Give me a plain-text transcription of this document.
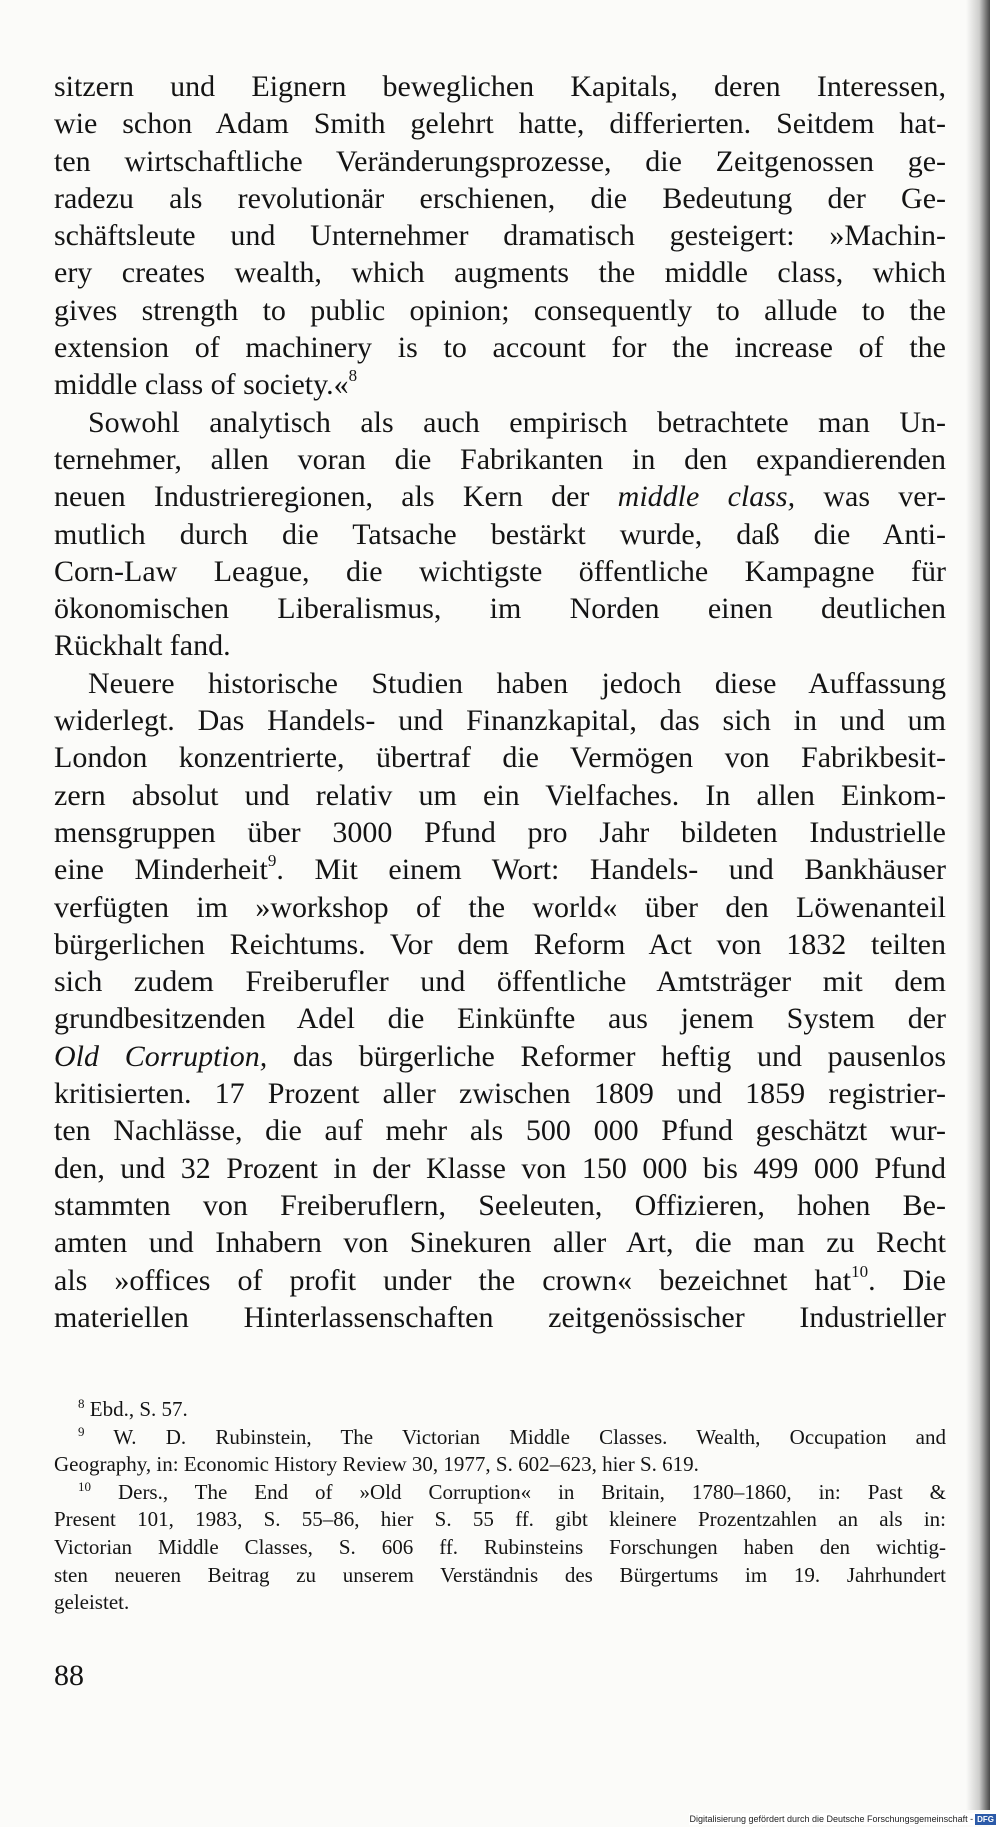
sitzern und Eignern beweglichen Kapitals, deren Interessen,
wie schon Adam Smith gelehrt hatte, differierten. Seitdem hat-
ten wirtschaftliche Veränderungsprozesse, die Zeitgenossen ge-
radezu als revolutionär erschienen, die Bedeutung der Ge-
schäftsleute und Unternehmer dramatisch gesteigert: »Machin-
ery creates wealth, which augments the middle class, which
gives strength to public opinion; consequently to allude to the
extension of machinery is to account for the increase of the
middle class of society.«$^8$
Sowohl analytisch als auch empirisch betrachtete man Un-
ternehmer, allen voran die Fabrikanten in den expandierenden
neuen Industrieregionen, als Kern der middle class, was ver-
mutlich durch die Tatsache bestärkt wurde, daß die Anti-
Corn-Law League, die wichtigste öffentliche Kampagne für
ökonomischen Liberalismus, im Norden einen deutlichen
Rückhalt fand.
Neuere historische Studien haben jedoch diese Auffassung
widerlegt. Das Handels- und Finanzkapital, das sich in und um
London konzentrierte, übertraf die Vermögen von Fabrikbesit-
zern absolut und relativ um ein Vielfaches. In allen Einkom-
mensgruppen über 3000 Pfund pro Jahr bildeten Industrielle
eine Minderheit$^9$. Mit einem Wort: Handels- und Bankhäuser
verfügten im »workshop of the world« über den Löwenanteil
bürgerlichen Reichtums. Vor dem Reform Act von 1832 teilten
sich zudem Freiberufler und öffentliche Amtsträger mit dem
grundbesitzenden Adel die Einkünfte aus jenem System der
Old Corruption, das bürgerliche Reformer heftig und pausenlos
kritisierten. 17 Prozent aller zwischen 1809 und 1859 registrier-
ten Nachlässe, die auf mehr als 500 000 Pfund geschätzt wur-
den, und 32 Prozent in der Klasse von 150 000 bis 499 000 Pfund
stammten von Freiberuflern, Seeleuten, Offizieren, hohen Be-
amten und Inhabern von Sinekuren aller Art, die man zu Recht
als »offices of profit under the crown« bezeichnet hat$^{10}$. Die
materiellen Hinterlassenschaften zeitgenössischer Industrieller
$^8$ Ebd., S. 57.
$^9$ W. D. Rubinstein, The Victorian Middle Classes. Wealth, Occupation and
Geography, in: Economic History Review 30, 1977, S. 602–623, hier S. 619.
$^{10}$ Ders., The End of »Old Corruption« in Britain, 1780–1860, in: Past &
Present 101, 1983, S. 55–86, hier S. 55 ff. gibt kleinere Prozentzahlen an als in:
Victorian Middle Classes, S. 606 ff. Rubinsteins Forschungen haben den wichtig-
sten neueren Beitrag zu unserem Verständnis des Bürgertums im 19. Jahrhundert
geleistet.
88
Digitalisierung gefördert durch die Deutsche Forschungsgemeinschaft - DFG
